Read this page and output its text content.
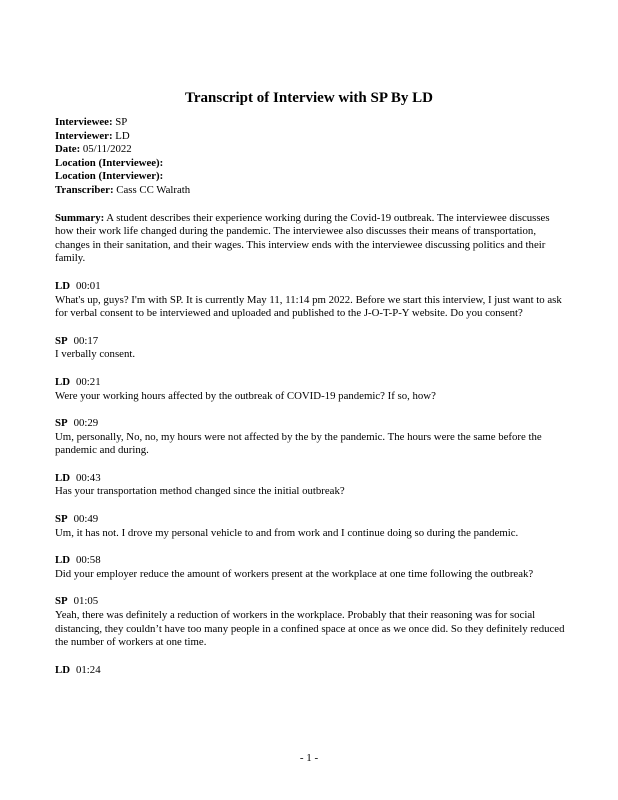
Transcript of Interview with SP By LD

Interviewee: SP

Interviewer: LD

Date: 05/11/2022

Location (Interviewee):

Location (Interviewer):

Transcriber: Cass CC Walrath

Summary: A student describes their experience working during the Covid-19 outbreak. The interviewee discusses how their work life changed during the pandemic. The interviewee also discusses their means of transportation, changes in their sanitation, and their wages. This interview ends with the interviewee discussing politics and their family.

LD 00:01

What's up, guys? I'm with SP. It is currently May 11, 11:14 pm 2022. Before we start this interview, I just want to ask for verbal consent to be interviewed and uploaded and published to the J-O-T-P-Y website. Do you consent?

SP 00:17

I verbally consent.

LD 00:21

Were your working hours affected by the outbreak of COVID-19 pandemic? If so, how?

SP 00:29

Um, personally, No, no, my hours were not affected by the by the pandemic. The hours were the same before the pandemic and during.

LD 00:43

Has your transportation method changed since the initial outbreak?

SP 00:49

Um, it has not. I drove my personal vehicle to and from work and I continue doing so during the pandemic.

LD 00:58

Did your employer reduce the amount of workers present at the workplace at one time following the outbreak?

SP 01:05

Yeah, there was definitely a reduction of workers in the workplace. Probably that their reasoning was for social distancing, they couldn’t have too many people in a confined space at once as we once did. So they definitely reduced the number of workers at one time.

LD 01:24

- 1 -
